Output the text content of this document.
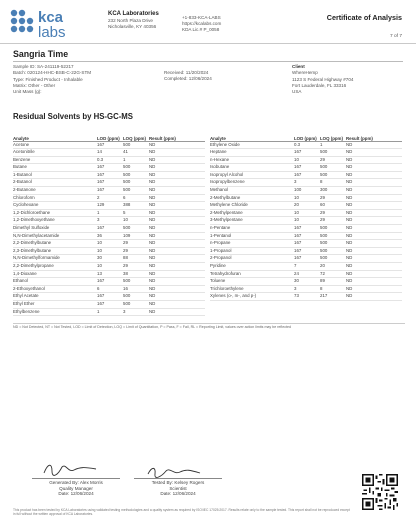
kca
labs
KCA Laboratories
232 North Plaza Drive
Nicholasville, KY 40356
+1-833-KCA-LABS
https://kcalabs.com
KDA Lic.# P_0058
Certificate of Analysis
7 of 7
Sangria Time
Sample ID: SA-241119-52217
Batch: 020124-HHC-BSB-C-22G-STM
Type: Finished Product - Inhalable
Matrix: Other - Other
Unit Mass (g):
Received: 11/20/2024
Completed: 12/06/2024
Client
WhereHemp
1123 S Federal Highway #704
Fort Lauderdale, FL 33316
USA
Residual Solvents by HS-GC-MS
Analyte	LOD (ppm)	LOQ (ppm)	Result (ppm)
Acetone	167	500	ND
Acetonitrile	14	41	ND
Benzene	0.3	1	ND
Butane	167	500	ND
1-Butanol	167	500	ND
2-Butanol	167	500	ND
2-Butanone	167	500	ND
Chloroform	2	6	ND
Cyclohexane	129	388	ND
1,2-Dichloroethane	1	5	ND
1,2-Dimethoxyethane	3	10	ND
Dimethyl Sulfoxide	167	500	ND
N,N-Dimethylacetamide	36	109	ND
2,2-Dimethylbutane	10	29	ND
2,3-Dimethylbutane	10	29	ND
N,N-Dimethylformamide	30	88	ND
2,2-Dimethylpropane	10	29	ND
1,4-Dioxane	13	38	ND
Ethanol	167	500	ND
2-Ethoxyethanol	6	16	ND
Ethyl Acetate	167	500	ND
Ethyl Ether	167	500	ND
Ethylbenzene	1	3	ND
Analyte	LOD (ppm)	LOQ (ppm)	Result (ppm)
Ethylene Oxide	0.3	1	ND
Heptane	167	500	ND
n-Hexane	10	29	ND
Isobutane	167	500	ND
Isopropyl Alcohol	167	500	ND
Isopropylbenzene	3	8	ND
Methanol	100	300	ND
2-Methylbutane	10	29	ND
Methylene Chloride	20	60	ND
2-Methylpentane	10	29	ND
3-Methylpentane	10	29	ND
n-Pentane	167	500	ND
1-Pentanol	167	500	ND
n-Propane	167	500	ND
1-Propanol	167	500	ND
2-Propanol	167	500	ND
Pyridine	7	20	ND
Tetrahydrofuran	24	72	ND
Toluene	30	89	ND
Trichloroethylene	3	8	ND
Xylenes (o-, m-, and p-)	73	217	ND
ND = Not Detected, NT = Not Tested, LOD = Limit of Detection, LOQ = Limit of Quantitation, P = Pass, F = Fail, RL = Reporting Limit, values over action limits may be reflected
Generated By: Alex Morris
Quality Manager
Date: 12/06/2024
Tested By: Kelsey Rogers
Scientist
Date: 12/06/2024
This product has been tested by KCA Laboratories using validated testing methodologies and a quality system as required by ISO/IEC 17025:2017. Results relate only to the sample tested. This report shall not be reproduced except in full without the written approval of KCA Laboratories.
